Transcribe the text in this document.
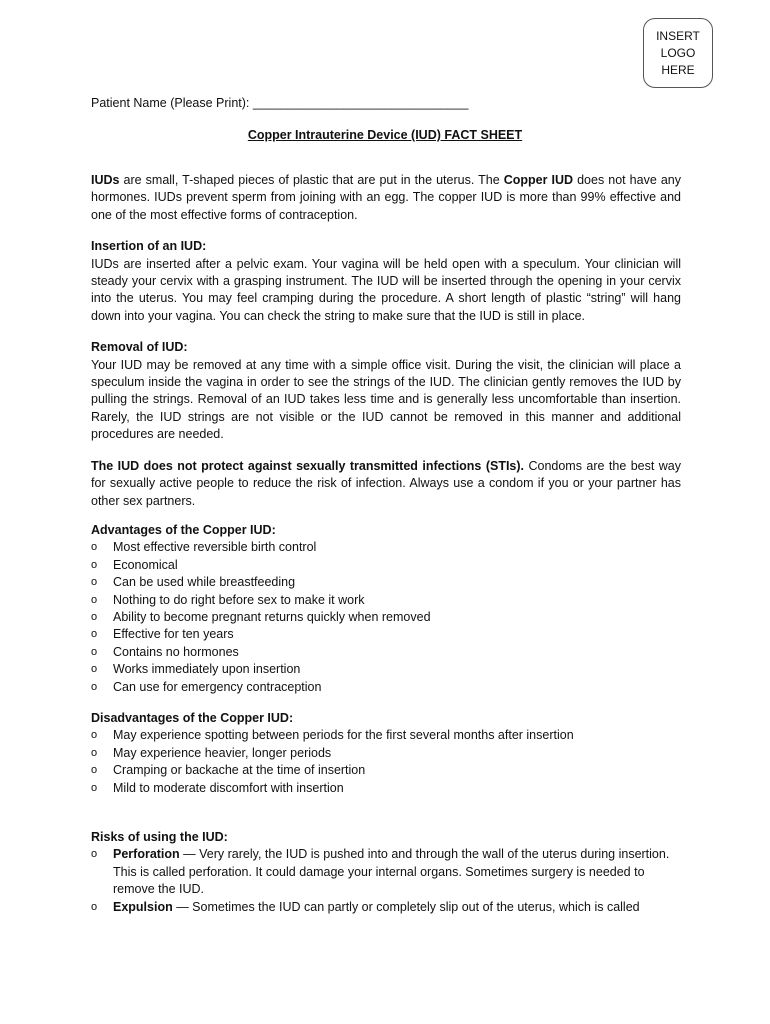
INSERT
LOGO
HERE
Patient Name (Please Print): _______________________________
Copper Intrauterine Device (IUD) FACT SHEET

IUDs are small, T-shaped pieces of plastic that are put in the uterus. The Copper IUD does not have any hormones. IUDs prevent sperm from joining with an egg. The copper IUD is more than 99% effective and one of the most effective forms of contraception.

Insertion of an IUD:

IUDs are inserted after a pelvic exam. Your vagina will be held open with a speculum. Your clinician will steady your cervix with a grasping instrument. The IUD will be inserted through the opening in your cervix into the uterus. You may feel cramping during the procedure. A short length of plastic “string” will hang down into your vagina. You can check the string to make sure that the IUD is still in place.

Removal of IUD:

Your IUD may be removed at any time with a simple office visit. During the visit, the clinician will place a speculum inside the vagina in order to see the strings of the IUD. The clinician gently removes the IUD by pulling the strings. Removal of an IUD takes less time and is generally less uncomfortable than insertion. Rarely, the IUD strings are not visible or the IUD cannot be removed in this manner and additional procedures are needed.

The IUD does not protect against sexually transmitted infections (STIs). Condoms are the best way for sexually active people to reduce the risk of infection. Always use a condom if you or your partner has other sex partners.

Advantages of the Copper IUD:
o Most effective reversible birth control
o Economical
o Can be used while breastfeeding
o Nothing to do right before sex to make it work
o Ability to become pregnant returns quickly when removed
o Effective for ten years
o Contains no hormones
o Works immediately upon insertion
o Can use for emergency contraception
Disadvantages of the Copper IUD:
o May experience spotting between periods for the first several months after insertion
o May experience heavier, longer periods
o Cramping or backache at the time of insertion
o Mild to moderate discomfort with insertion
Risks of using the IUD:
o Perforation — Very rarely, the IUD is pushed into and through the wall of the uterus during insertion. This is called perforation. It could damage your internal organs. Sometimes surgery is needed to remove the IUD.
o Expulsion — Sometimes the IUD can partly or completely slip out of the uterus, which is called
